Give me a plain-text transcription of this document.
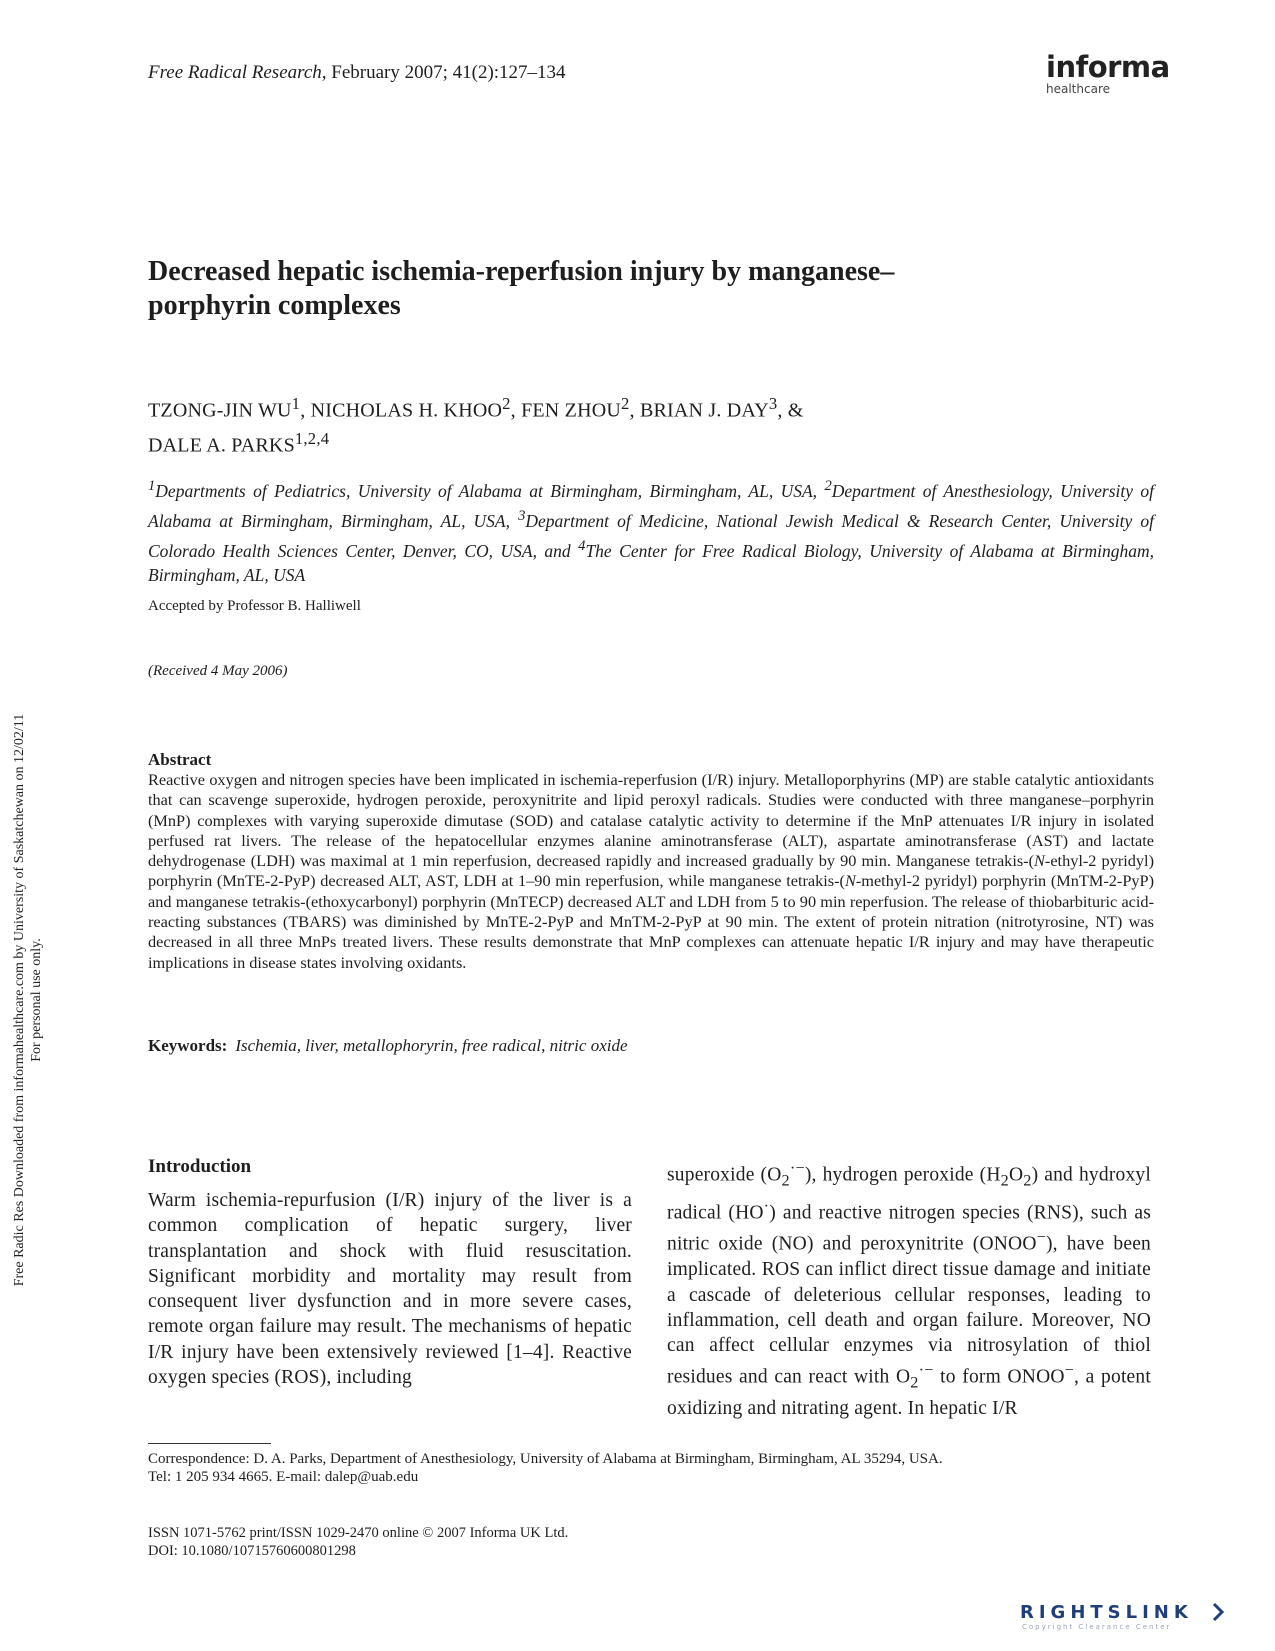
Free Radic Res Downloaded from informahealthcare.com by University of Saskatchewan on 12/02/11 For personal use only.
Free Radical Research, February 2007; 41(2):127–134	informa
healthcare
Decreased hepatic ischemia-reperfusion injury by manganese–
porphyrin complexes
TZONG-JIN $WU^1$, NICHOLAS H. KHOO$^2$, FEN ZHOU$^2$, BRIAN J. DAY$^3$, &
DALE A. PARKS$^{1,2,4}$
$^1$Departments of Pediatrics, University of Alabama at Birmingham, Birmingham, AL, USA, $^2$Department of Anesthesiology, University of Alabama at Birmingham, Birmingham, AL, USA, $^3$Department of Medicine, National Jewish Medical & Research Center, University of Colorado Health Sciences Center, Denver, CO, USA, and $^4$The Center for Free Radical Biology, University of Alabama at Birmingham, Birmingham, AL, USA
Accepted by Professor B. Halliwell
(Received 4 May 2006)
Abstract
Reactive oxygen and nitrogen species have been implicated in ischemia-reperfusion (I/R) injury. Metalloporphyrins (MP) are stable catalytic antioxidants that can scavenge superoxide, hydrogen peroxide, peroxynitrite and lipid peroxyl radicals. Studies were conducted with three manganese–porphyrin (MnP) complexes with varying superoxide dimutase (SOD) and catalase catalytic activity to determine if the MnP attenuates I/R injury in isolated perfused rat livers. The release of the hepatocellular enzymes alanine aminotransferase (ALT), aspartate aminotransferase (AST) and lactate dehydrogenase (LDH) was maximal at 1 min reperfusion, decreased rapidly and increased gradually by 90 min. Manganese tetrakis-(N-ethyl-2 pyridyl) porphyrin (MnTE-2-PyP) decreased ALT, AST, LDH at 1–90 min reperfusion, while manganese tetrakis-(N-methyl-2 pyridyl) porphyrin (MnTM-2-PyP) and manganese tetrakis-(ethoxycarbonyl) porphyrin (MnTECP) decreased ALT and LDH from 5 to 90 min reperfusion. The release of thiobarbituric acid-reacting substances (TBARS) was diminished by MnTE-2-PyP and MnTM-2-PyP at 90 min. The extent of protein nitration (nitrotyrosine, NT) was decreased in all three MnPs treated livers. These results demonstrate that MnP complexes can attenuate hepatic I/R injury and may have therapeutic implications in disease states involving oxidants.
Keywords: Ischemia, liver, metallophoryrin, free radical, nitric oxide
Introduction
Warm ischemia-repurfusion (I/R) injury of the liver is a common complication of hepatic surgery, liver transplantation and shock with fluid resuscitation. Significant morbidity and mortality may result from consequent liver dysfunction and in more severe cases, remote organ failure may result. The mechanisms of hepatic I/R injury have been extensively reviewed [1–4]. Reactive oxygen species (ROS), including
superoxide $(O_2^{\cdot-})$, hydrogen peroxide $(H_2O_2)$ and hydroxyl radical (HO·) and reactive nitrogen species (RNS), such as nitric oxide (NO) and peroxynitrite (ONOO−), have been implicated. ROS can inflict direct tissue damage and initiate a cascade of deleterious cellular responses, leading to inflammation, cell death and organ failure. Moreover, NO can affect cellular enzymes via nitrosylation of thiol residues and can react with $O_2^{\cdot-}$ to form ONOO−, a potent oxidizing and nitrating agent. In hepatic I/R
Correspondence: D. A. Parks, Department of Anesthesiology, University of Alabama at Birmingham, Birmingham, AL 35294, USA.
Tel: 1 205 934 4665. E-mail: dalep@uab.edu
ISSN 1071-5762 print/ISSN 1029-2470 online © 2007 Informa UK Ltd.
DOI: 10.1080/10715760600801298
RIGHTSLINK
Copyright Clearance Center
